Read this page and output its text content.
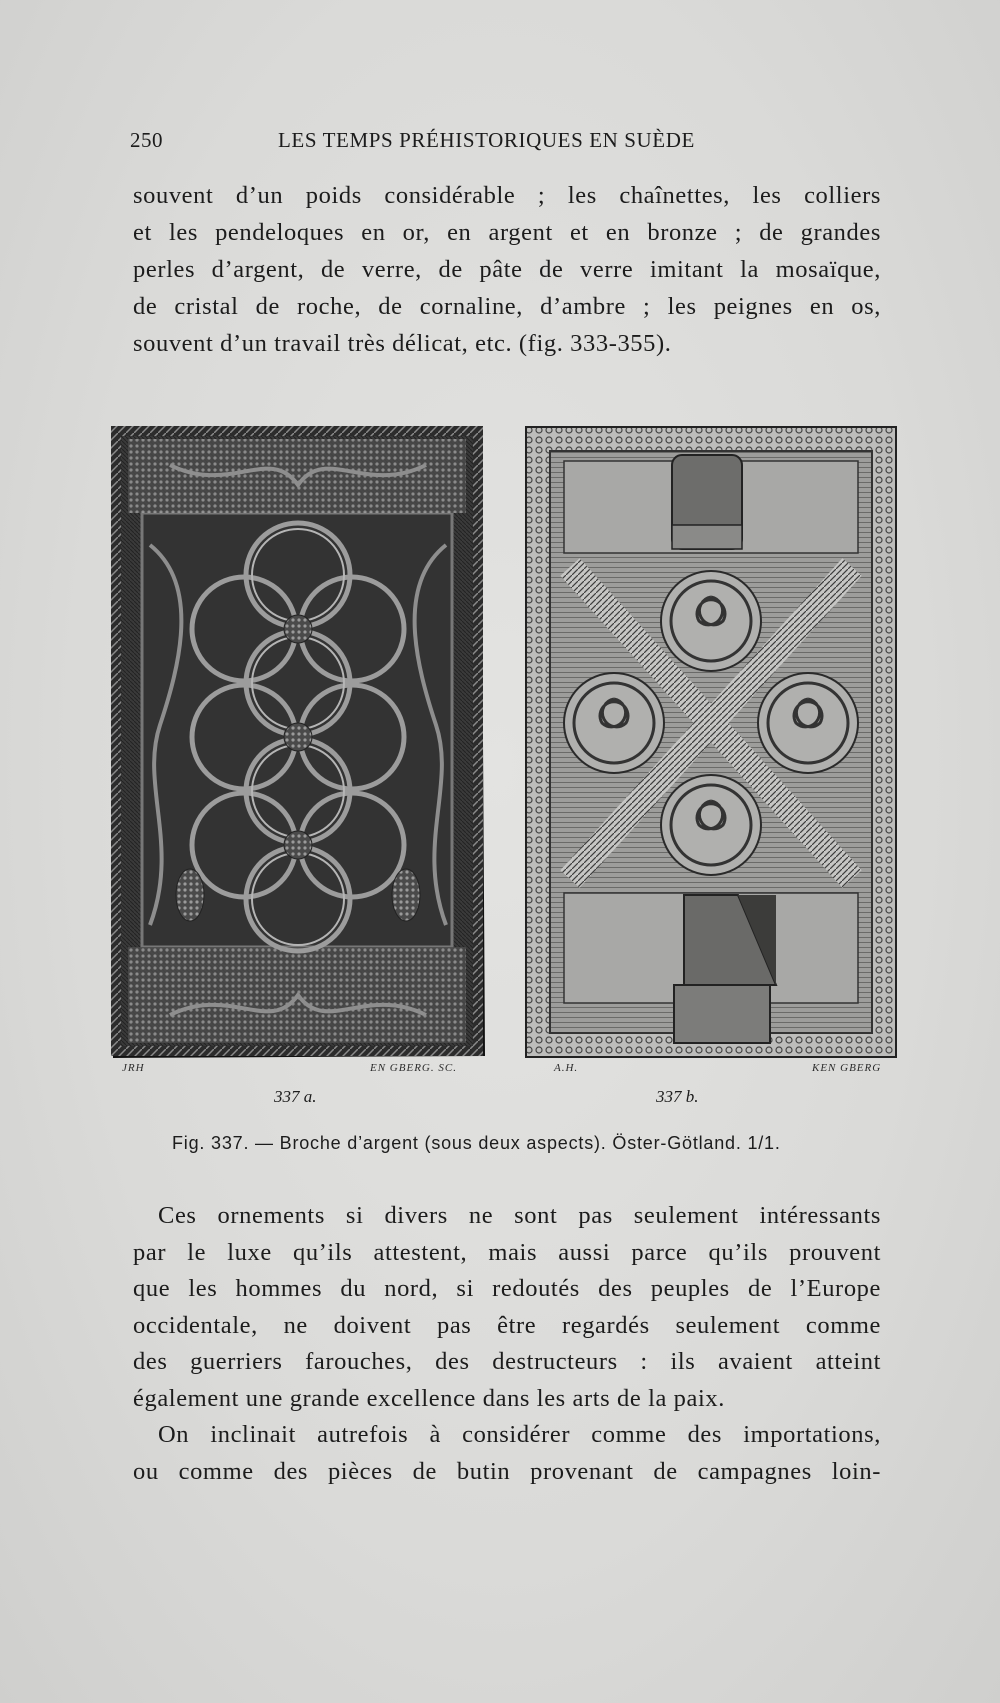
250	LES TEMPS PRÉHISTORIQUES EN SUÈDE
souvent d’un poids considérable ; les chaînettes, les colliers
et les pendeloques en or, en argent et en bronze ; de grandes
perles d’argent, de verre, de pâte de verre imitant la mosaïque,
de cristal de roche, de cornaline, d’ambre ; les peignes en os,
souvent d’un travail très délicat, etc. (fig. 333-355).
JRH	EN GBERG. SC.	A.H.	KEN GBERG
337 a.	337 b.
Fig. 337. — Broche d’argent (sous deux aspects). Öster-Götland. 1/1.
Ces ornements si divers ne sont pas seulement intéressants
par le luxe qu’ils attestent, mais aussi parce qu’ils prouvent
que les hommes du nord, si redoutés des peuples de l’Europe
occidentale, ne doivent pas être regardés seulement comme
des guerriers farouches, des destructeurs : ils avaient atteint
également une grande excellence dans les arts de la paix.
On inclinait autrefois à considérer comme des importations,
ou comme des pièces de butin provenant de campagnes loin-
